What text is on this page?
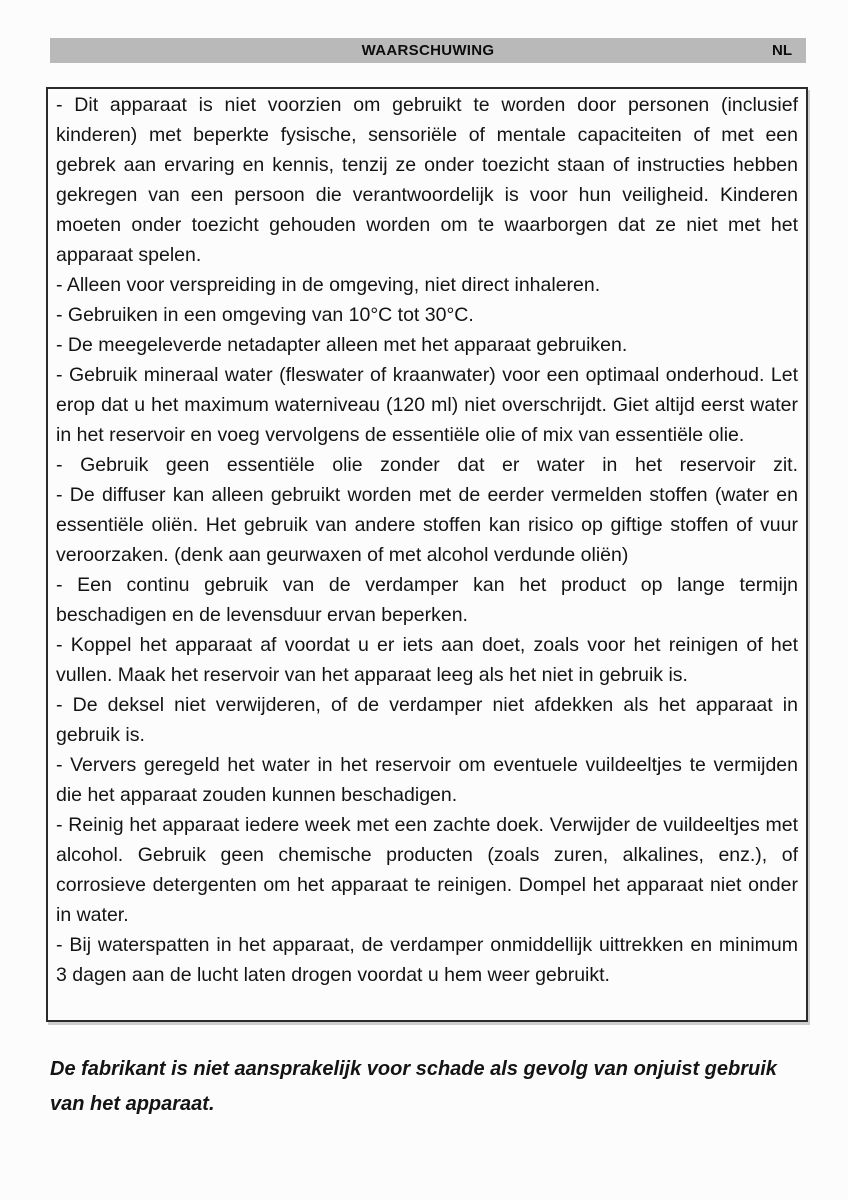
WAARSCHUWING	NL

- Dit apparaat is niet voorzien om gebruikt te worden door personen (inclusief kinderen) met beperkte fysische, sensoriële of mentale capaciteiten of met een gebrek aan ervaring en kennis, tenzij ze onder toezicht staan of instructies hebben gekregen van een persoon die verantwoordelijk is voor hun veiligheid. Kinderen moeten onder toezicht gehouden worden om te waarborgen dat ze niet met het apparaat spelen.

- Alleen voor verspreiding in de omgeving, niet direct inhaleren.

- Gebruiken in een omgeving van 10°C tot 30°C.

- De meegeleverde netadapter alleen met het apparaat gebruiken.

- Gebruik mineraal water (fleswater of kraanwater) voor een optimaal onderhoud. Let erop dat u het maximum waterniveau (120 ml) niet overschrijdt. Giet altijd eerst water in het reservoir en voeg vervolgens de essentiële olie of mix van essentiële olie.

- Gebruik geen essentiële olie zonder dat er water in het reservoir zit.

- De diffuser kan alleen gebruikt worden met de eerder vermelden stoffen (water en essentiële oliën. Het gebruik van andere stoffen kan risico op giftige stoffen of vuur veroorzaken. (denk aan geurwaxen of met alcohol verdunde oliën)

- Een continu gebruik van de verdamper kan het product op lange termijn beschadigen en de levensduur ervan beperken.

- Koppel het apparaat af voordat u er iets aan doet, zoals voor het reinigen of het vullen. Maak het reservoir van het apparaat leeg als het niet in gebruik is.

- De deksel niet verwijderen, of de verdamper niet afdekken als het apparaat in gebruik is.

- Ververs geregeld het water in het reservoir om eventuele vuildeeltjes te vermijden die het apparaat zouden kunnen beschadigen.

- Reinig het apparaat iedere week met een zachte doek. Verwijder de vuildeeltjes met alcohol. Gebruik geen chemische producten (zoals zuren, alkalines, enz.), of corrosieve detergenten om het apparaat te reinigen. Dompel het apparaat niet onder in water.

- Bij waterspatten in het apparaat, de verdamper onmiddellijk uittrekken en minimum 3 dagen aan de lucht laten drogen voordat u hem weer gebruikt.

De fabrikant is niet aansprakelijk voor schade als gevolg van onjuist gebruik van het apparaat.
